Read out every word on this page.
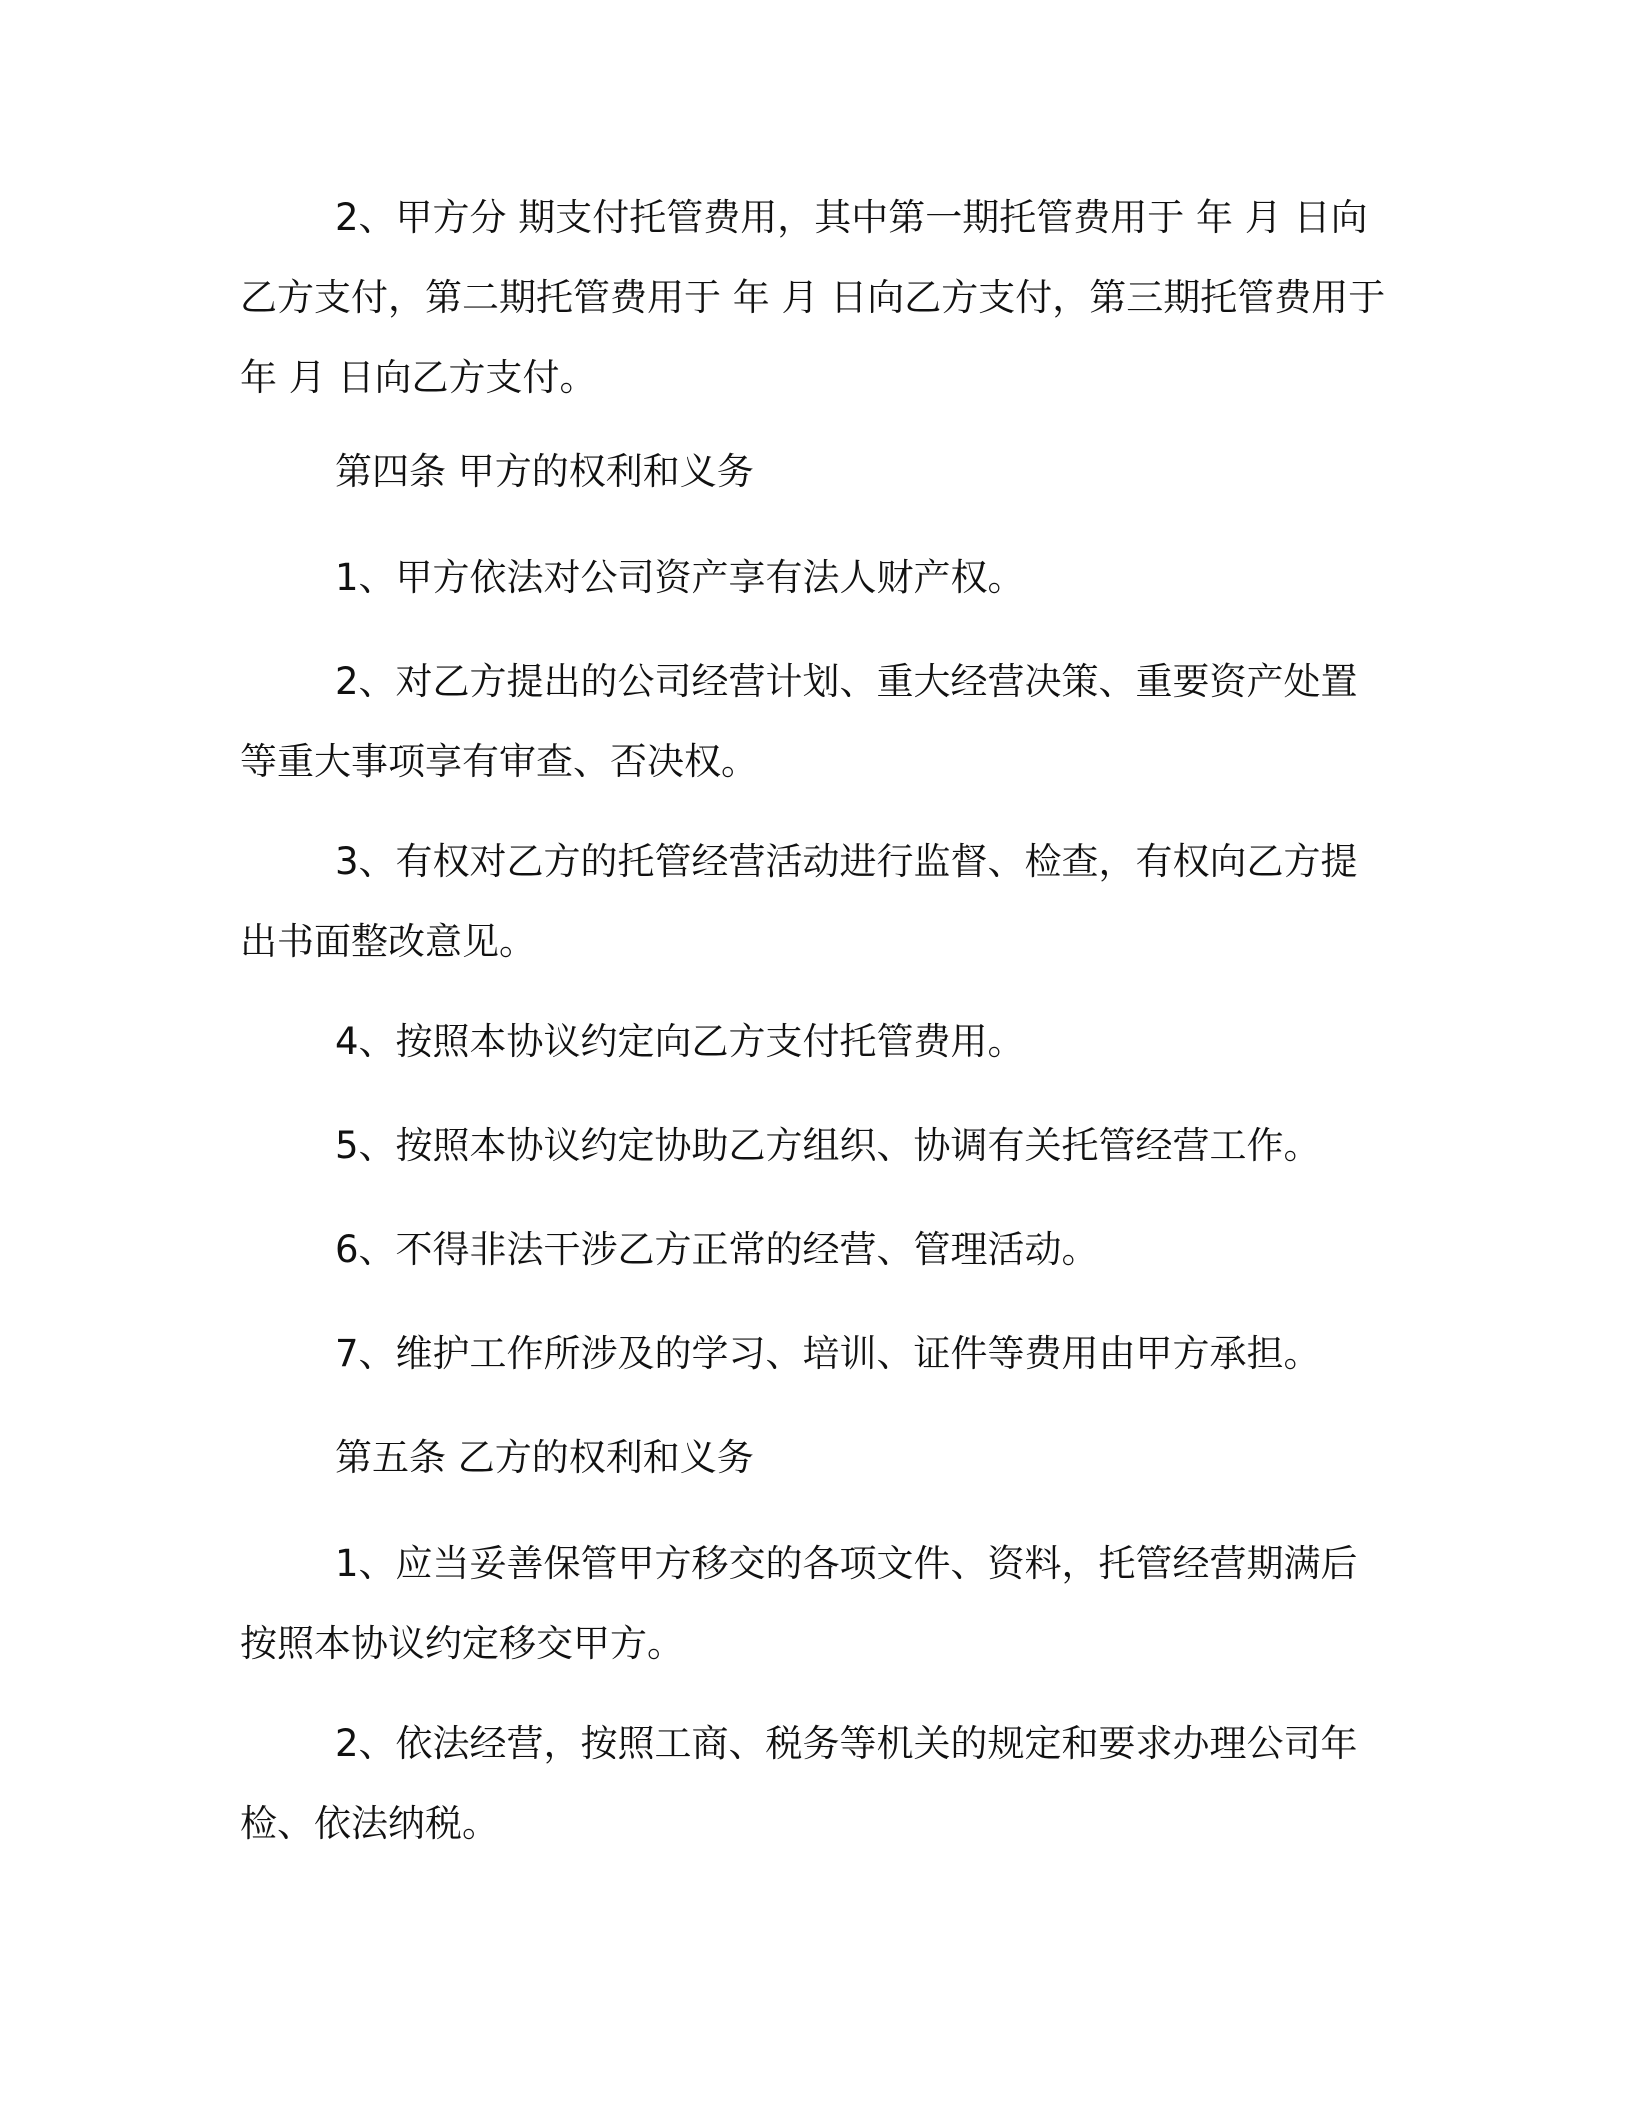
2、甲方分 期支付托管费用，其中第一期托管费用于 年 月 日向乙方支付，第二期托管费用于 年 月 日向乙方支付，第三期托管费用于 年 月 日向乙方支付。

第四条 甲方的权利和义务

1、甲方依法对公司资产享有法人财产权。

2、对乙方提出的公司经营计划、重大经营决策、重要资产处置等重大事项享有审查、否决权。

3、有权对乙方的托管经营活动进行监督、检查，有权向乙方提出书面整改意见。

4、按照本协议约定向乙方支付托管费用。

5、按照本协议约定协助乙方组织、协调有关托管经营工作。

6、不得非法干涉乙方正常的经营、管理活动。

7、维护工作所涉及的学习、培训、证件等费用由甲方承担。

第五条 乙方的权利和义务

1、应当妥善保管甲方移交的各项文件、资料，托管经营期满后按照本协议约定移交甲方。

2、依法经营，按照工商、税务等机关的规定和要求办理公司年检、依法纳税。
